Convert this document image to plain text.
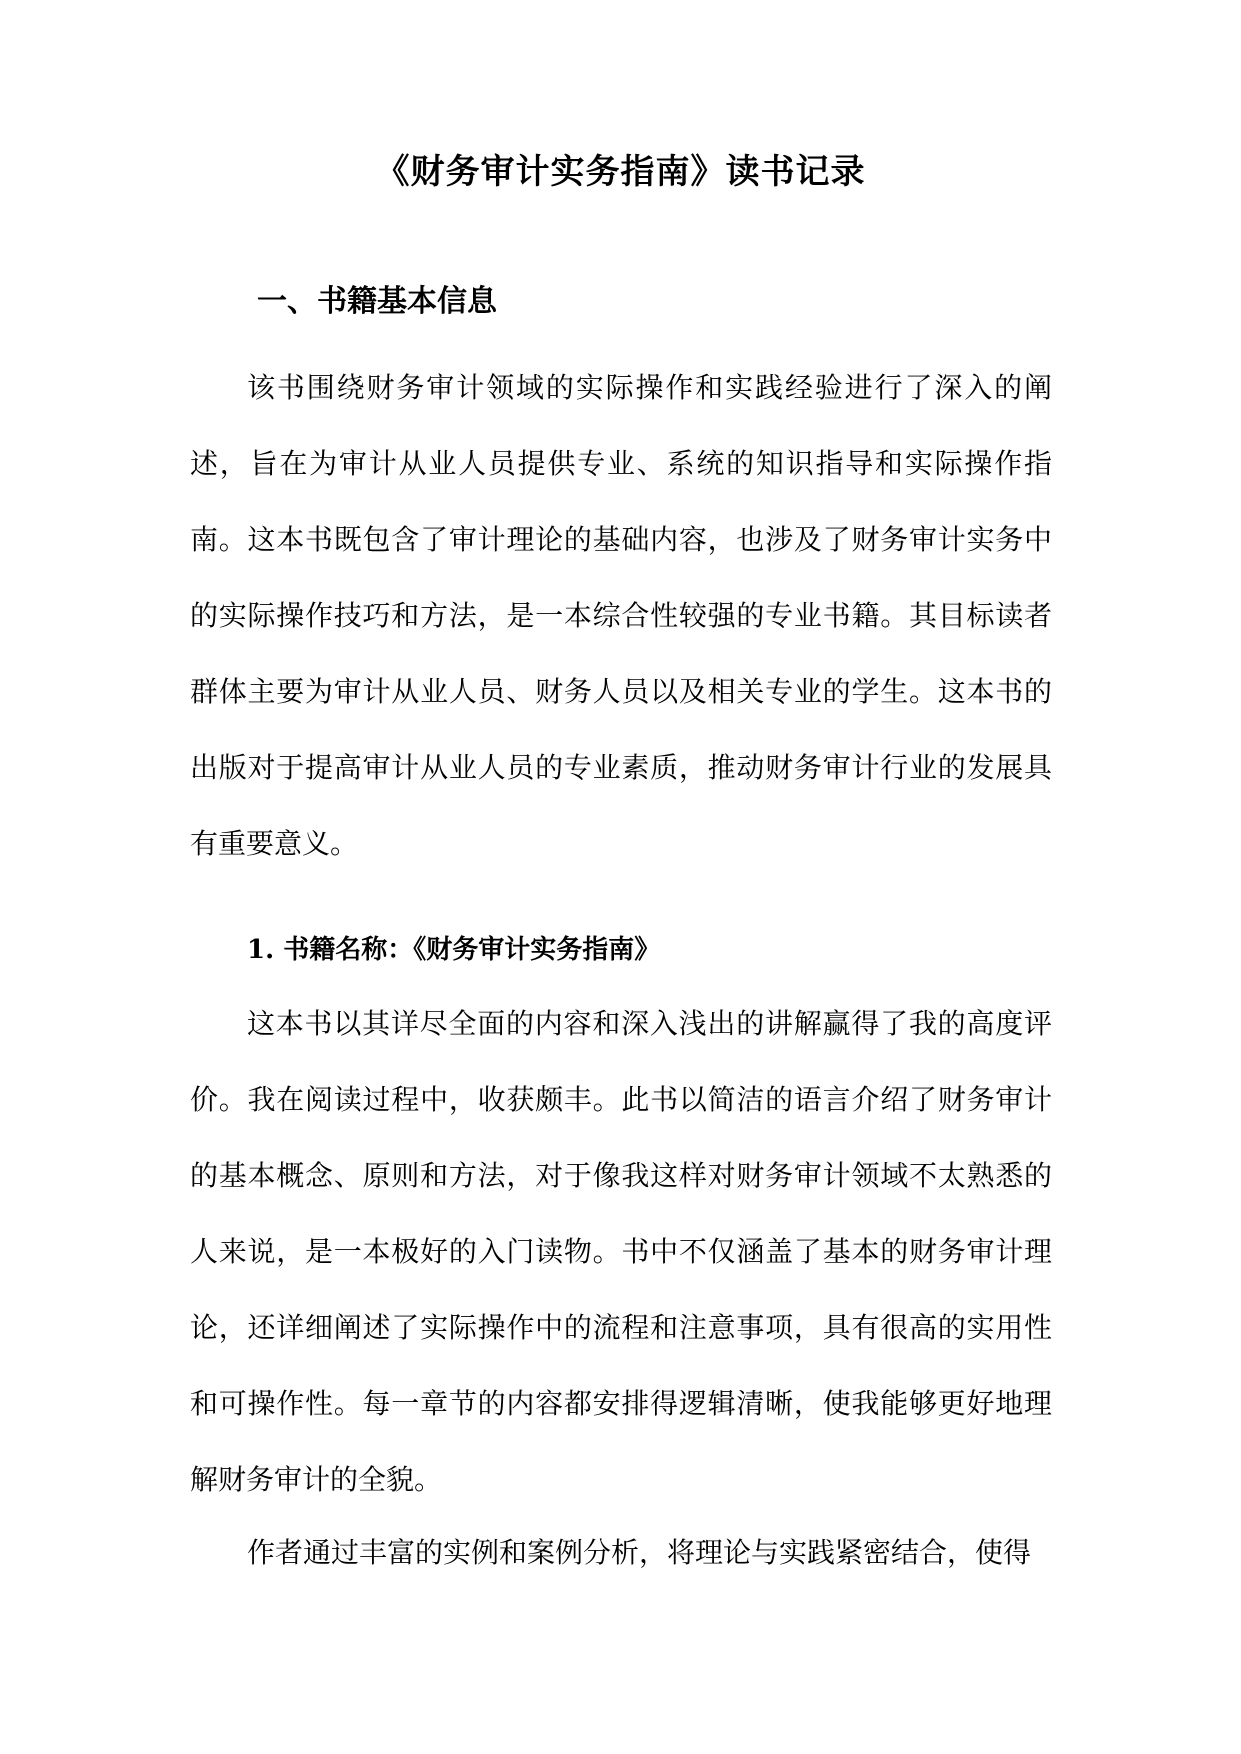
《财务审计实务指南》读书记录
一、书籍基本信息

该书围绕财务审计领域的实际操作和实践经验进行了深入的阐述，旨在为审计从业人员提供专业、系统的知识指导和实际操作指南。这本书既包含了审计理论的基础内容，也涉及了财务审计实务中的实际操作技巧和方法，是一本综合性较强的专业书籍。其目标读者群体主要为审计从业人员、财务人员以及相关专业的学生。这本书的出版对于提高审计从业人员的专业素质，推动财务审计行业的发展具有重要意义。

1. 书籍名称：《财务审计实务指南》

这本书以其详尽全面的内容和深入浅出的讲解赢得了我的高度评价。我在阅读过程中，收获颇丰。此书以简洁的语言介绍了财务审计的基本概念、原则和方法，对于像我这样对财务审计领域不太熟悉的人来说，是一本极好的入门读物。书中不仅涵盖了基本的财务审计理论，还详细阐述了实际操作中的流程和注意事项，具有很高的实用性和可操作性。每一章节的内容都安排得逻辑清晰，使我能够更好地理解财务审计的全貌。

作者通过丰富的实例和案例分析，将理论与实践紧密结合，使得
